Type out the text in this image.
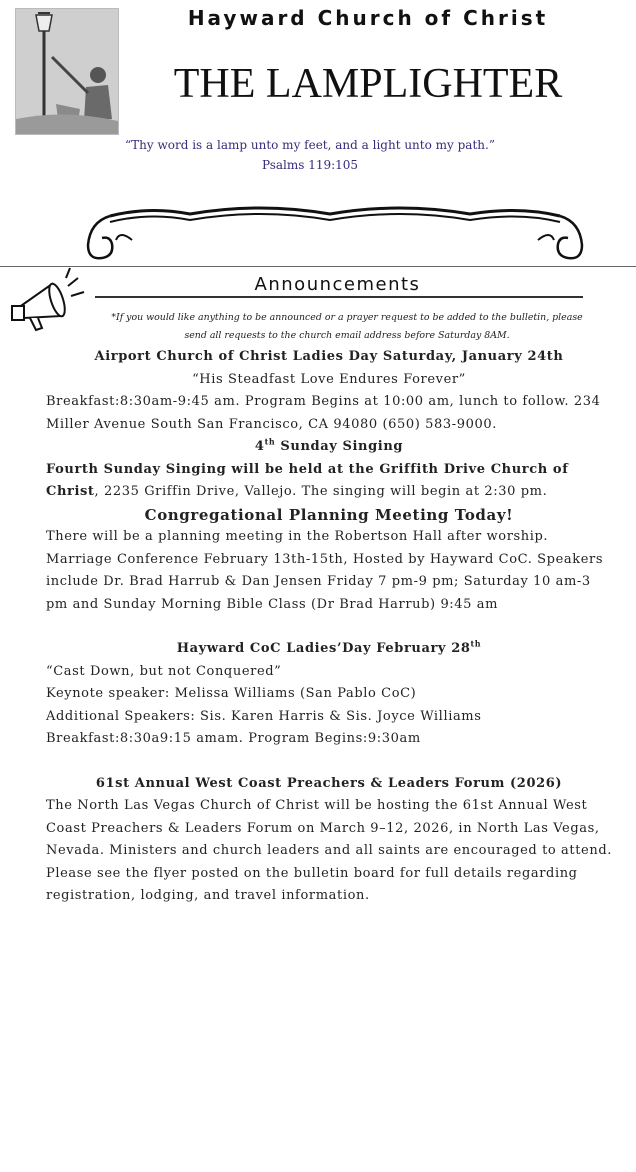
Hayward Church of Christ
THE LAMPLIGHTER
“Thy word is a lamp unto my feet, and a light unto my path.”
Psalms 119:105
Announcements
*If you would like anything to be announced or a prayer request to be added to the bulletin, please
send all requests to the church email address before Saturday 8AM.

Airport Church of Christ Ladies Day Saturday, January 24th

“His Steadfast Love Endures Forever”

Breakfast:8:30am-9:45 am. Program Begins at 10:00 am, lunch to follow. 234 Miller Avenue South San Francisco, CA 94080 (650) 583-9000.

4th Sunday Singing

Fourth Sunday Singing will be held at the Griffith Drive Church of Christ, 2235 Griffin Drive, Vallejo. The singing will begin at 2:30 pm.

Congregational Planning Meeting Today!

There will be a planning meeting in the Robertson Hall after worship. Marriage Conference February 13th-15th, Hosted by Hayward CoC. Speakers include Dr. Brad Harrub & Dan Jensen Friday 7 pm-9 pm; Saturday 10 am-3 pm and Sunday Morning Bible Class (Dr Brad Harrub) 9:45 am

Hayward CoC Ladies’Day February 28th

“Cast Down, but not Conquered”

Keynote speaker: Melissa Williams (San Pablo CoC)

Additional Speakers: Sis. Karen Harris & Sis. Joyce Williams

Breakfast:8:30a9:15 amam. Program Begins:9:30am

61st Annual West Coast Preachers & Leaders Forum (2026)

The North Las Vegas Church of Christ will be hosting the 61st Annual West Coast Preachers & Leaders Forum on March 9–12, 2026, in North Las Vegas, Nevada. Ministers and church leaders and all saints are encouraged to attend. Please see the flyer posted on the bulletin board for full details regarding registration, lodging, and travel information.
